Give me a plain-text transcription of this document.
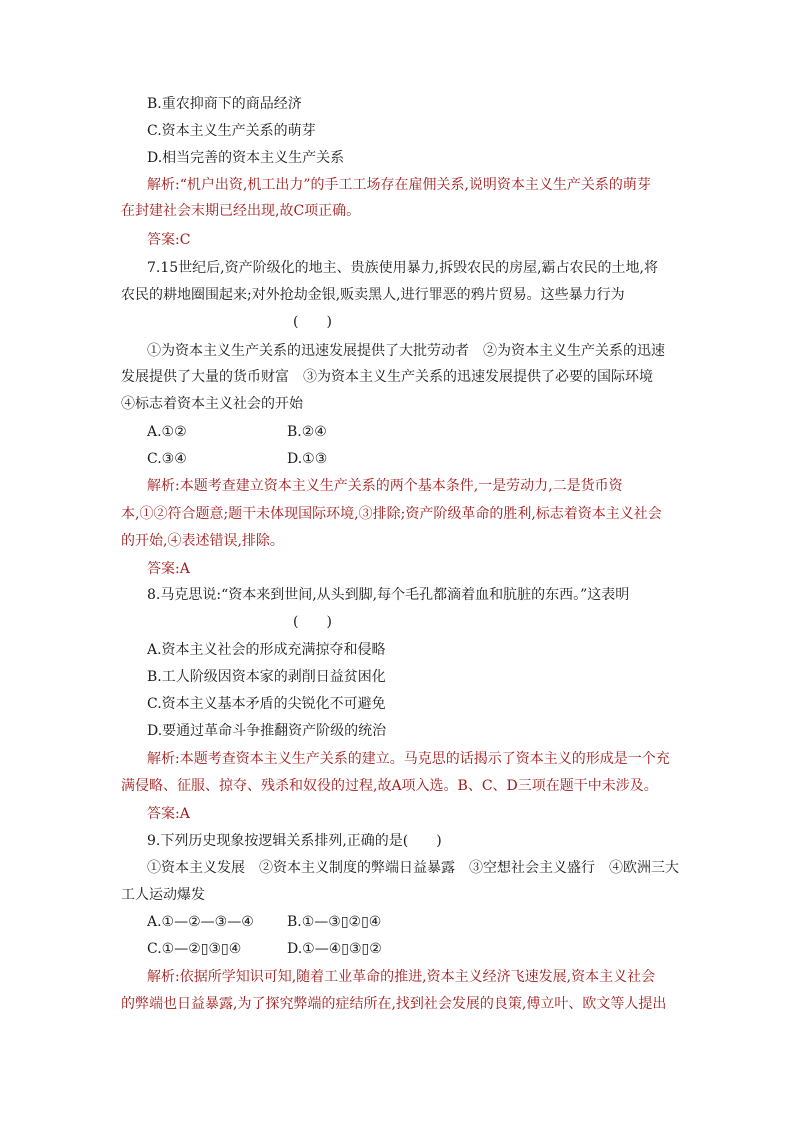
B.重农抑商下的商品经济
C.资本主义生产关系的萌芽
D.相当完善的资本主义生产关系
解析:“机户出资,机工出力”的手工工场存在雇佣关系,说明资本主义生产关系的萌芽
在封建社会末期已经出现,故C项正确。
答案:C
7.15世纪后,资产阶级化的地主、贵族使用暴力,拆毁农民的房屋,霸占农民的土地,将
农民的耕地圈围起来;对外抢劫金银,贩卖黑人,进行罪恶的鸦片贸易。这些暴力行为
(　　)
①为资本主义生产关系的迅速发展提供了大批劳动者　②为资本主义生产关系的迅速
发展提供了大量的货币财富　③为资本主义生产关系的迅速发展提供了必要的国际环境
④标志着资本主义社会的开始
A.①②	B.②④
C.③④	D.①③
解析:本题考查建立资本主义生产关系的两个基本条件,一是劳动力,二是货币资
本,①②符合题意;题干未体现国际环境,③排除;资产阶级革命的胜利,标志着资本主义社会
的开始,④表述错误,排除。
答案:A
8.马克思说:“资本来到世间,从头到脚,每个毛孔都滴着血和肮脏的东西。”这表明
(　　)
A.资本主义社会的形成充满掠夺和侵略
B.工人阶级因资本家的剥削日益贫困化
C.资本主义基本矛盾的尖锐化不可避免
D.要通过革命斗争推翻资产阶级的统治
解析:本题考查资本主义生产关系的建立。马克思的话揭示了资本主义的形成是一个充
满侵略、征服、掠夺、残杀和奴役的过程,故A项入选。B、C、D三项在题干中未涉及。
答案:A
9.下列历史现象按逻辑关系排列,正确的是(　　)
①资本主义发展　②资本主义制度的弊端日益暴露　③空想社会主义盛行　④欧洲三大
工人运动爆发
A.①—②—③—④ B.①—③▯②▯④
C.①—②▯③▯④	D.①—④▯③▯②
解析:依据所学知识可知,随着工业革命的推进,资本主义经济飞速发展,资本主义社会
的弊端也日益暴露,为了探究弊端的症结所在,找到社会发展的良策,傅立叶、欧文等人提出
